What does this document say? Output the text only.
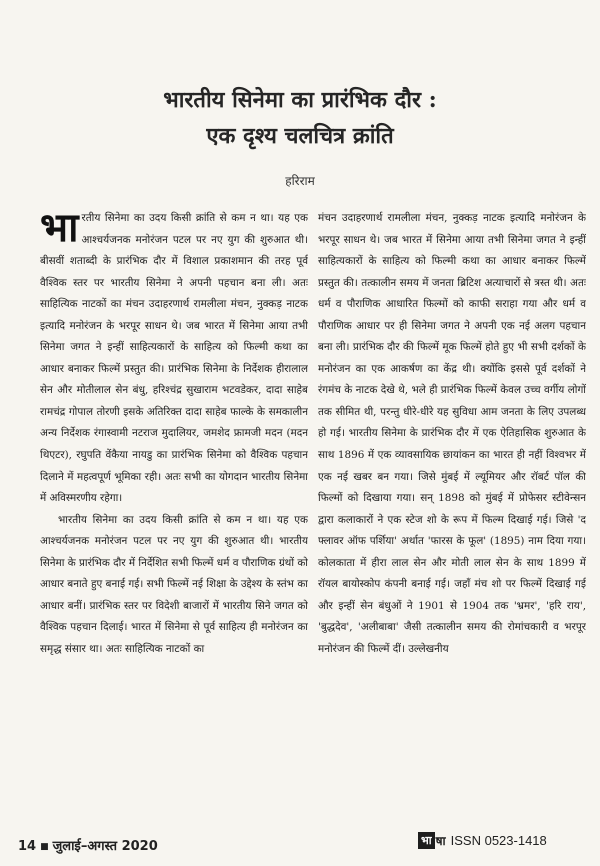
भारतीय सिनेमा का प्रारंभिक दौर :
एक दृश्य चलचित्र क्रांति
हरिराम

भारतीय सिनेमा का उदय किसी क्रांति से कम न था। यह एक आश्चर्यजनक मनोरंजन पटल पर नए युग की शुरुआत थी। बीसवीं शताब्दी के प्रारंभिक दौर में विशाल प्रकाशमान की तरह पूर्व वैश्विक स्तर पर भारतीय सिनेमा ने अपनी पहचान बना ली। अतः साहित्यिक नाटकों का मंचन उदाहरणार्थ रामलीला मंचन, नुक्कड़ नाटक इत्यादि मनोरंजन के भरपूर साधन थे। जब भारत में सिनेमा आया तभी सिनेमा जगत ने इन्हीं साहित्यकारों के साहित्य को फिल्मी कथा का आधार बनाकर फिल्में प्रस्तुत की। प्रारंभिक सिनेमा के निर्देशक हीरालाल सेन और मोतीलाल सेन बंधु, हरिश्चंद्र सुखाराम भटवडेकर, दादा साहेब रामचंद्र गोपाल तोरणी इसके अतिरिक्त दादा साहेब फाल्के के समकालीन अन्य निर्देशक रंगास्वामी नटराज मुदालियर, जमशेद फ्रामजी मदन (मदन थिएटर), रघुपति वेंकैया नायडु का प्रारंभिक सिनेमा को वैश्विक पहचान दिलाने में महत्वपूर्ण भूमिका रही। अतः सभी का योगदान भारतीय सिनेमा में अविस्मरणीय रहेगा।

भारतीय सिनेमा का उदय किसी क्रांति से कम न था। यह एक आश्चर्यजनक मनोरंजन पटल पर नए युग की शुरुआत थी। भारतीय सिनेमा के प्रारंभिक दौर में निर्देशित सभी फिल्में धर्म व पौराणिक ग्रंथों को आधार बनाते हुए बनाई गई। सभी फिल्में नई शिक्षा के उद्देश्य के स्तंभ का आधार बनीं। प्रारंभिक स्तर पर विदेशी बाजारों में भारतीय सिने जगत को वैश्विक पहचान दिलाई। भारत में सिनेमा से पूर्व साहित्य ही मनोरंजन का समृद्ध संसार था। अतः साहित्यिक नाटकों का

मंचन उदाहरणार्थ रामलीला मंचन, नुक्कड़ नाटक इत्यादि मनोरंजन के भरपूर साधन थे। जब भारत में सिनेमा आया तभी सिनेमा जगत ने इन्हीं साहित्यकारों के साहित्य को फिल्मी कथा का आधार बनाकर फिल्में प्रस्तुत की। तत्कालीन समय में जनता ब्रिटिश अत्याचारों से त्रस्त थी। अतः धर्म व पौराणिक आधारित फिल्मों को काफी सराहा गया और धर्म व पौराणिक आधार पर ही सिनेमा जगत ने अपनी एक नई अलग पहचान बना ली। प्रारंभिक दौर की फिल्में मूक फिल्में होते हुए भी सभी दर्शकों के मनोरंजन का एक आकर्षण का केंद्र थी। क्योंकि इससे पूर्व दर्शकों ने रंगमंच के नाटक देखे थे, भले ही प्रारंभिक फिल्में केवल उच्च वर्गीय लोगों तक सीमित थी, परन्तु धीरे-धीरे यह सुविधा आम जनता के लिए उपलब्ध हो गई। भारतीय सिनेमा के प्रारंभिक दौर में एक ऐतिहासिक शुरुआत के साथ 1896 में एक व्यावसायिक छायांकन का भारत ही नहीं विश्वभर में एक नई खबर बन गया। जिसे मुंबई में ल्यूमियर और रॉबर्ट पॉल की फिल्मों को दिखाया गया। सन् 1898 को मुंबई में प्रोफेसर स्टीवेन्सन द्वारा कलाकारों ने एक स्टेज शो के रूप में फिल्म दिखाई गई। जिसे 'द फ्लावर ऑफ पर्शिया' अर्थात 'फारस के फूल' (1895) नाम दिया गया। कोलकाता में हीरा लाल सेन और मोती लाल सेन के साथ 1899 में रॉयल बायोस्कोप कंपनी बनाई गई। जहाँ मंच शो पर फिल्में दिखाई गई और इन्हीं सेन बंधुओं ने 1901 से 1904 तक 'भ्रमर', 'हरि राय', 'बुद्धदेव', 'अलीबाबा' जैसी तत्कालीन समय की रोमांचकारी व भरपूर मनोरंजन की फिल्में दीं। उल्लेखनीय

14 ■ जुलाई–अगस्त 2020	भा षा ISSN 0523-1418
